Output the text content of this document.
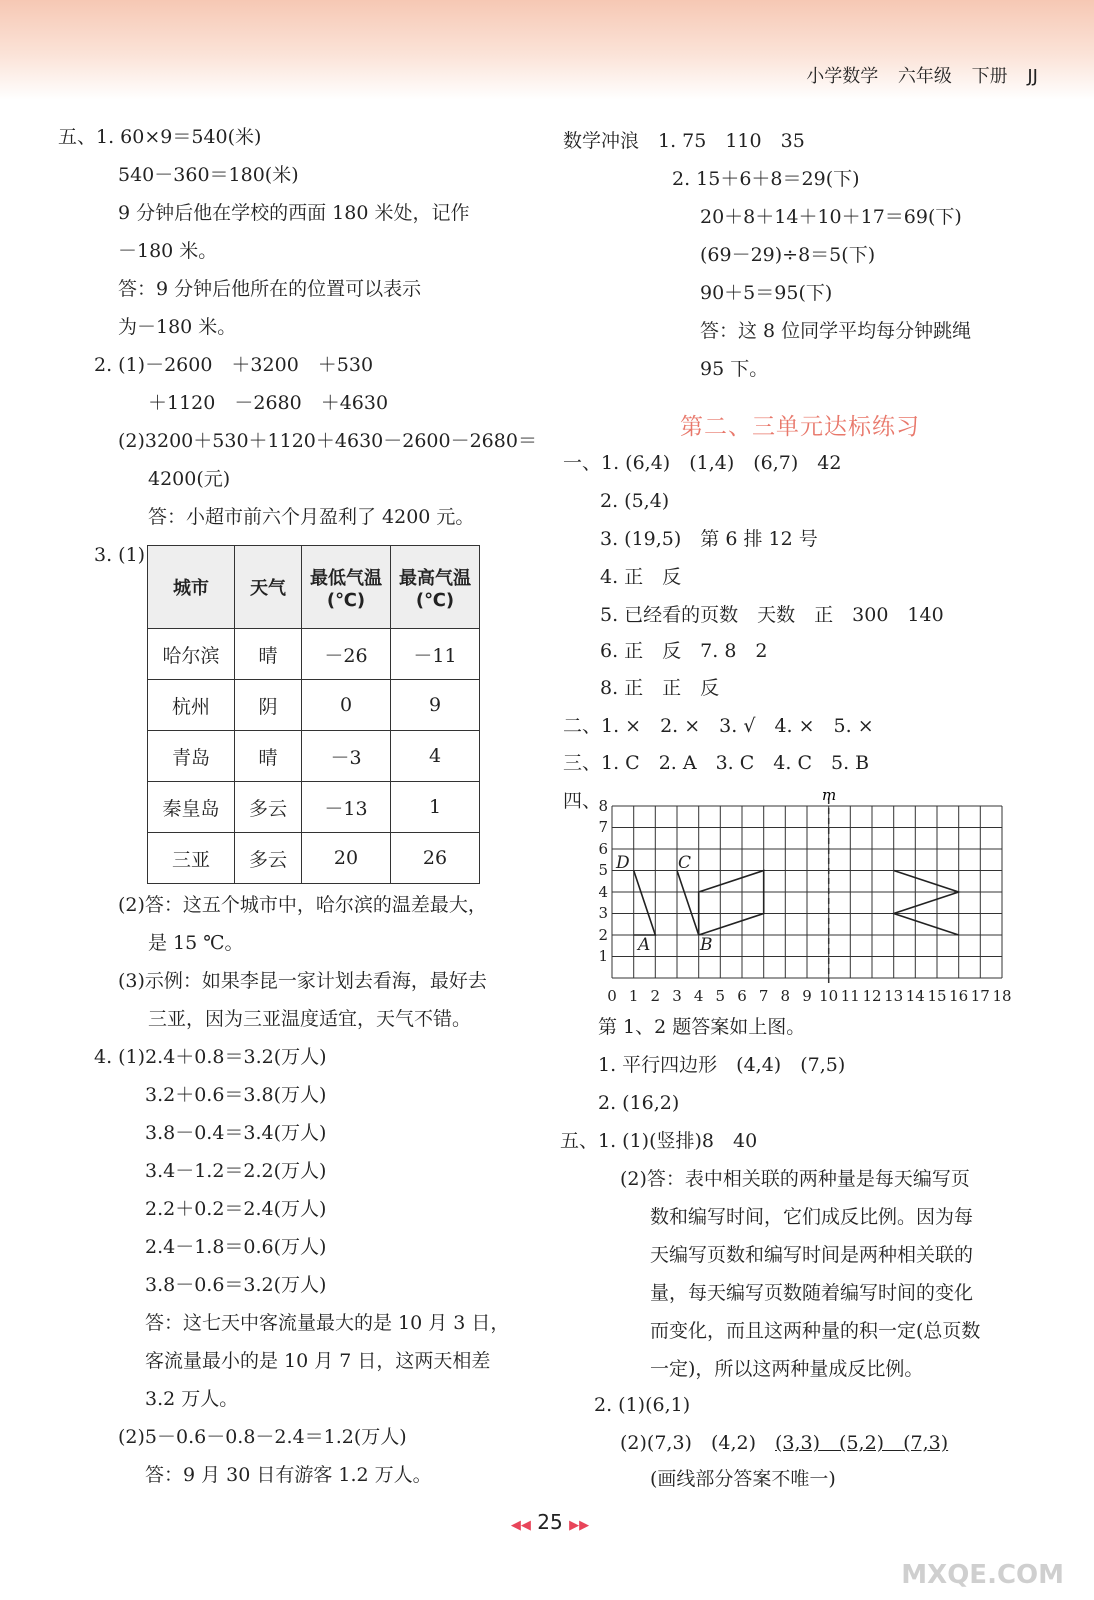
小学数学 六年级 下册 JJ
五、1. 60×9＝540(米)
540－360＝180(米)
9 分钟后他在学校的西面 180 米处，记作
－180 米。
答：9 分钟后他所在的位置可以表示
为－180 米。
2. (1)－2600　＋3200　＋530
＋1120　－2680　＋4630
(2)3200＋530＋1120＋4630－2600－2680＝
4200(元)
答：小超市前六个月盈利了 4200 元。
3. (1)
城市	天气	最低气温(℃)	最高气温(℃)
哈尔滨	晴	－26	－11
杭州	阴	0	9
青岛	晴	－3	4
秦皇岛	多云	－13	1
三亚	多云	20	26
(2)答：这五个城市中，哈尔滨的温差最大，
是 15 ℃。
(3)示例：如果李昆一家计划去看海，最好去
三亚，因为三亚温度适宜，天气不错。
4. (1)2.4＋0.8＝3.2(万人)
3.2＋0.6＝3.8(万人)
3.8－0.4＝3.4(万人)
3.4－1.2＝2.2(万人)
2.2＋0.2＝2.4(万人)
2.4－1.8＝0.6(万人)
3.8－0.6＝3.2(万人)
答：这七天中客流量最大的是 10 月 3 日，
客流量最小的是 10 月 7 日，这两天相差
3.2 万人。
(2)5－0.6－0.8－2.4＝1.2(万人)
答：9 月 30 日有游客 1.2 万人。
数学冲浪　1. 75　110　35
2. 15＋6＋8＝29(下)
20＋8＋14＋10＋17＝69(下)
(69－29)÷8＝5(下)
90＋5＝95(下)
答：这 8 位同学平均每分钟跳绳
95 下。
第二、三单元达标练习
一、1. (6,4)　(1,4)　(6,7)　42
2. (5,4)
3. (19,5)　第 6 排 12 号
4. 正　反
5. 已经看的页数　天数　正　300　140
6. 正　反　7. 8　2
8. 正　正　反
二、1. ×　2. ×　3. √　4. ×　5. ×
三、1. C　2. A　3. C　4. C　5. B
四、	m
D	C
A	B
1
2
3
4
5
6
7
8
0 1 2 3 4 5 6 7 8 9 10 11 12 13 14 15 16 17 18
第 1、2 题答案如上图。
1. 平行四边形　(4,4)　(7,5)
2. (16,2)
五、1. (1)(竖排)8　40
(2)答：表中相关联的两种量是每天编写页
数和编写时间，它们成反比例。因为每
天编写页数和编写时间是两种相关联的
量，每天编写页数随着编写时间的变化
而变化，而且这两种量的积一定(总页数
一定)，所以这两种量成反比例。
2. (1)(6,1)
(2)(7,3)　(4,2)　(3,3)　(5,2)　(7,3)
(画线部分答案不唯一)
◀◀ 25 ▶▶
MXQE.COM
